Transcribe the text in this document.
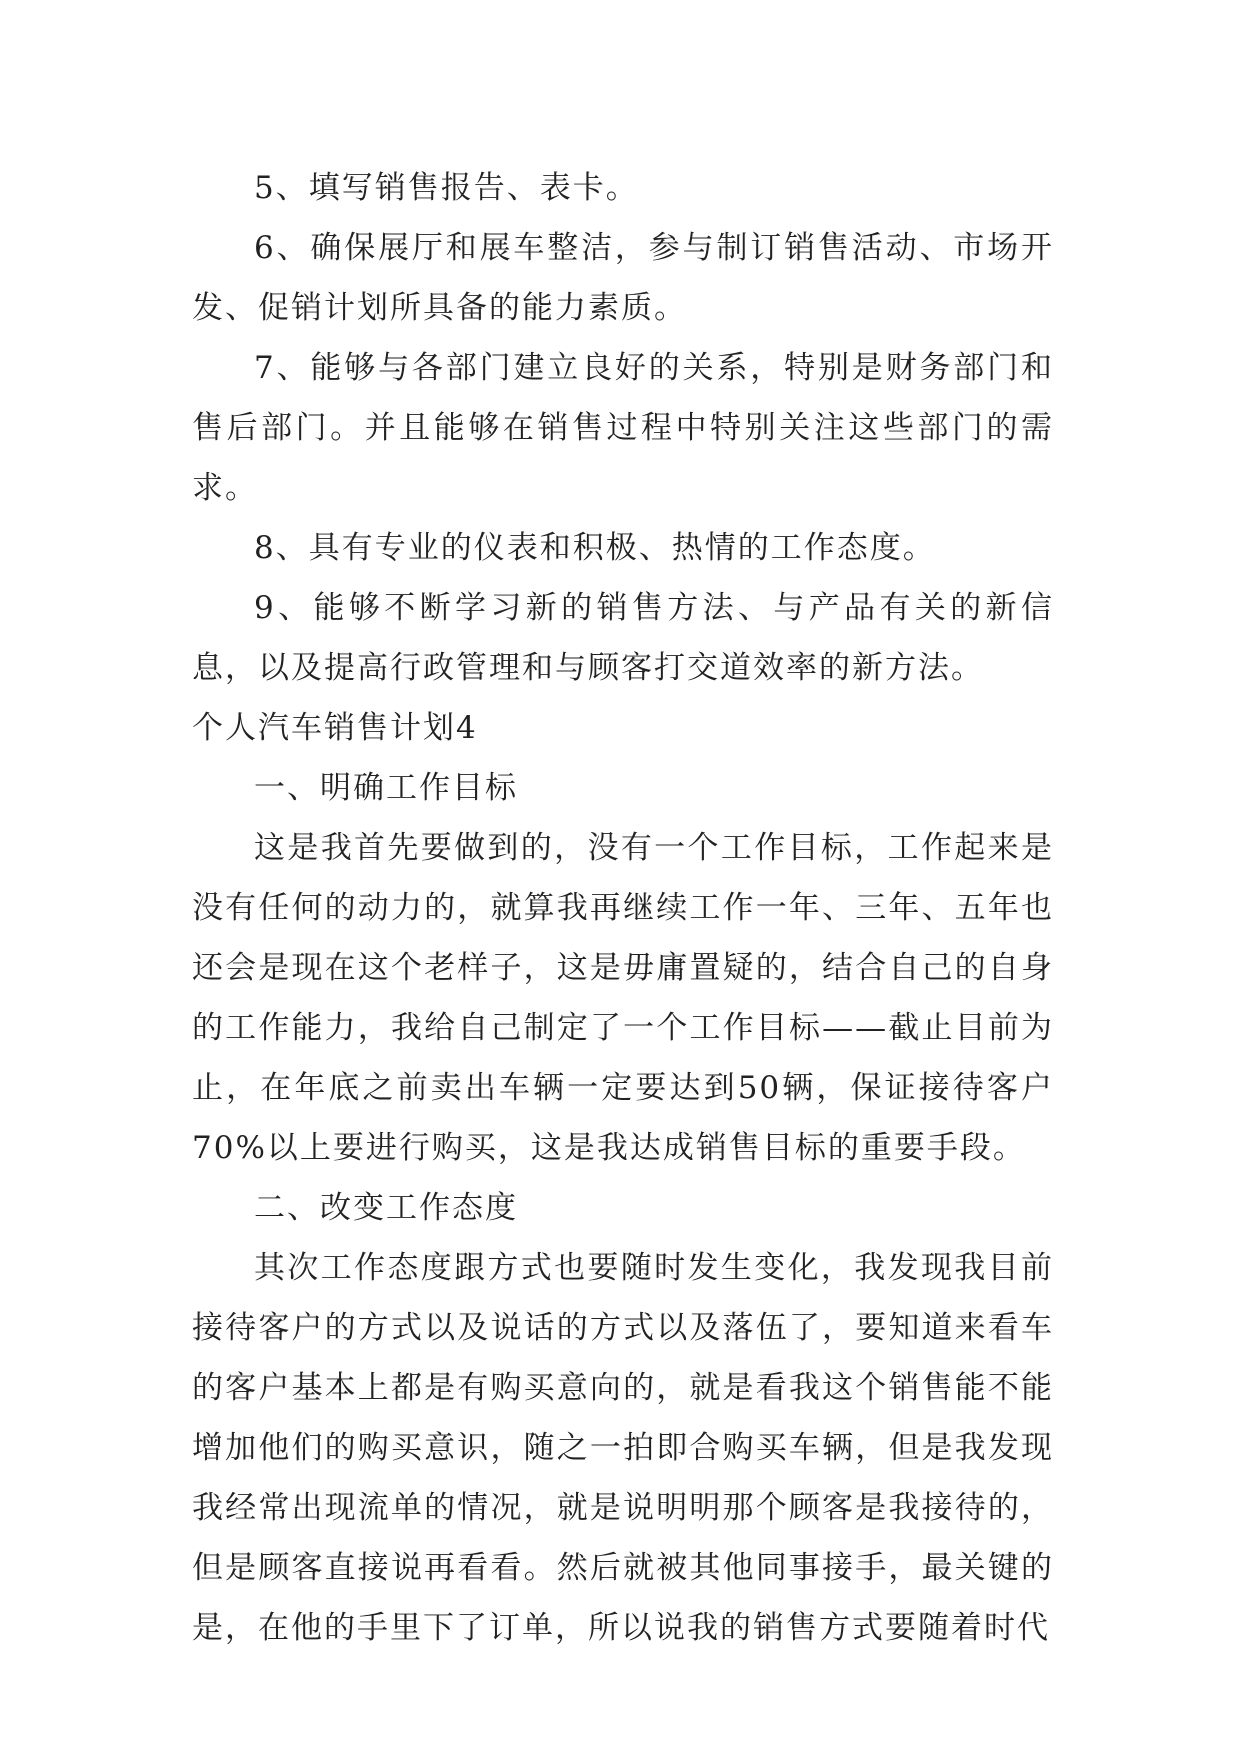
5、填写销售报告、表卡。

6、确保展厅和展车整洁，参与制订销售活动、市场开发、促销计划所具备的能力素质。

7、能够与各部门建立良好的关系，特别是财务部门和售后部门。并且能够在销售过程中特别关注这些部门的需求。

8、具有专业的仪表和积极、热情的工作态度。

9、能够不断学习新的销售方法、与产品有关的新信息，以及提高行政管理和与顾客打交道效率的新方法。

个人汽车销售计划4

一、明确工作目标

这是我首先要做到的，没有一个工作目标，工作起来是没有任何的动力的，就算我再继续工作一年、三年、五年也还会是现在这个老样子，这是毋庸置疑的，结合自己的自身的工作能力，我给自己制定了一个工作目标——截止目前为止，在年底之前卖出车辆一定要达到50辆，保证接待客户70%以上要进行购买，这是我达成销售目标的重要手段。

二、改变工作态度

其次工作态度跟方式也要随时发生变化，我发现我目前接待客户的方式以及说话的方式以及落伍了，要知道来看车的客户基本上都是有购买意向的，就是看我这个销售能不能增加他们的购买意识，随之一拍即合购买车辆，但是我发现我经常出现流单的情况，就是说明明那个顾客是我接待的，但是顾客直接说再看看。然后就被其他同事接手，最关键的是，在他的手里下了订单，所以说我的销售方式要随着时代
